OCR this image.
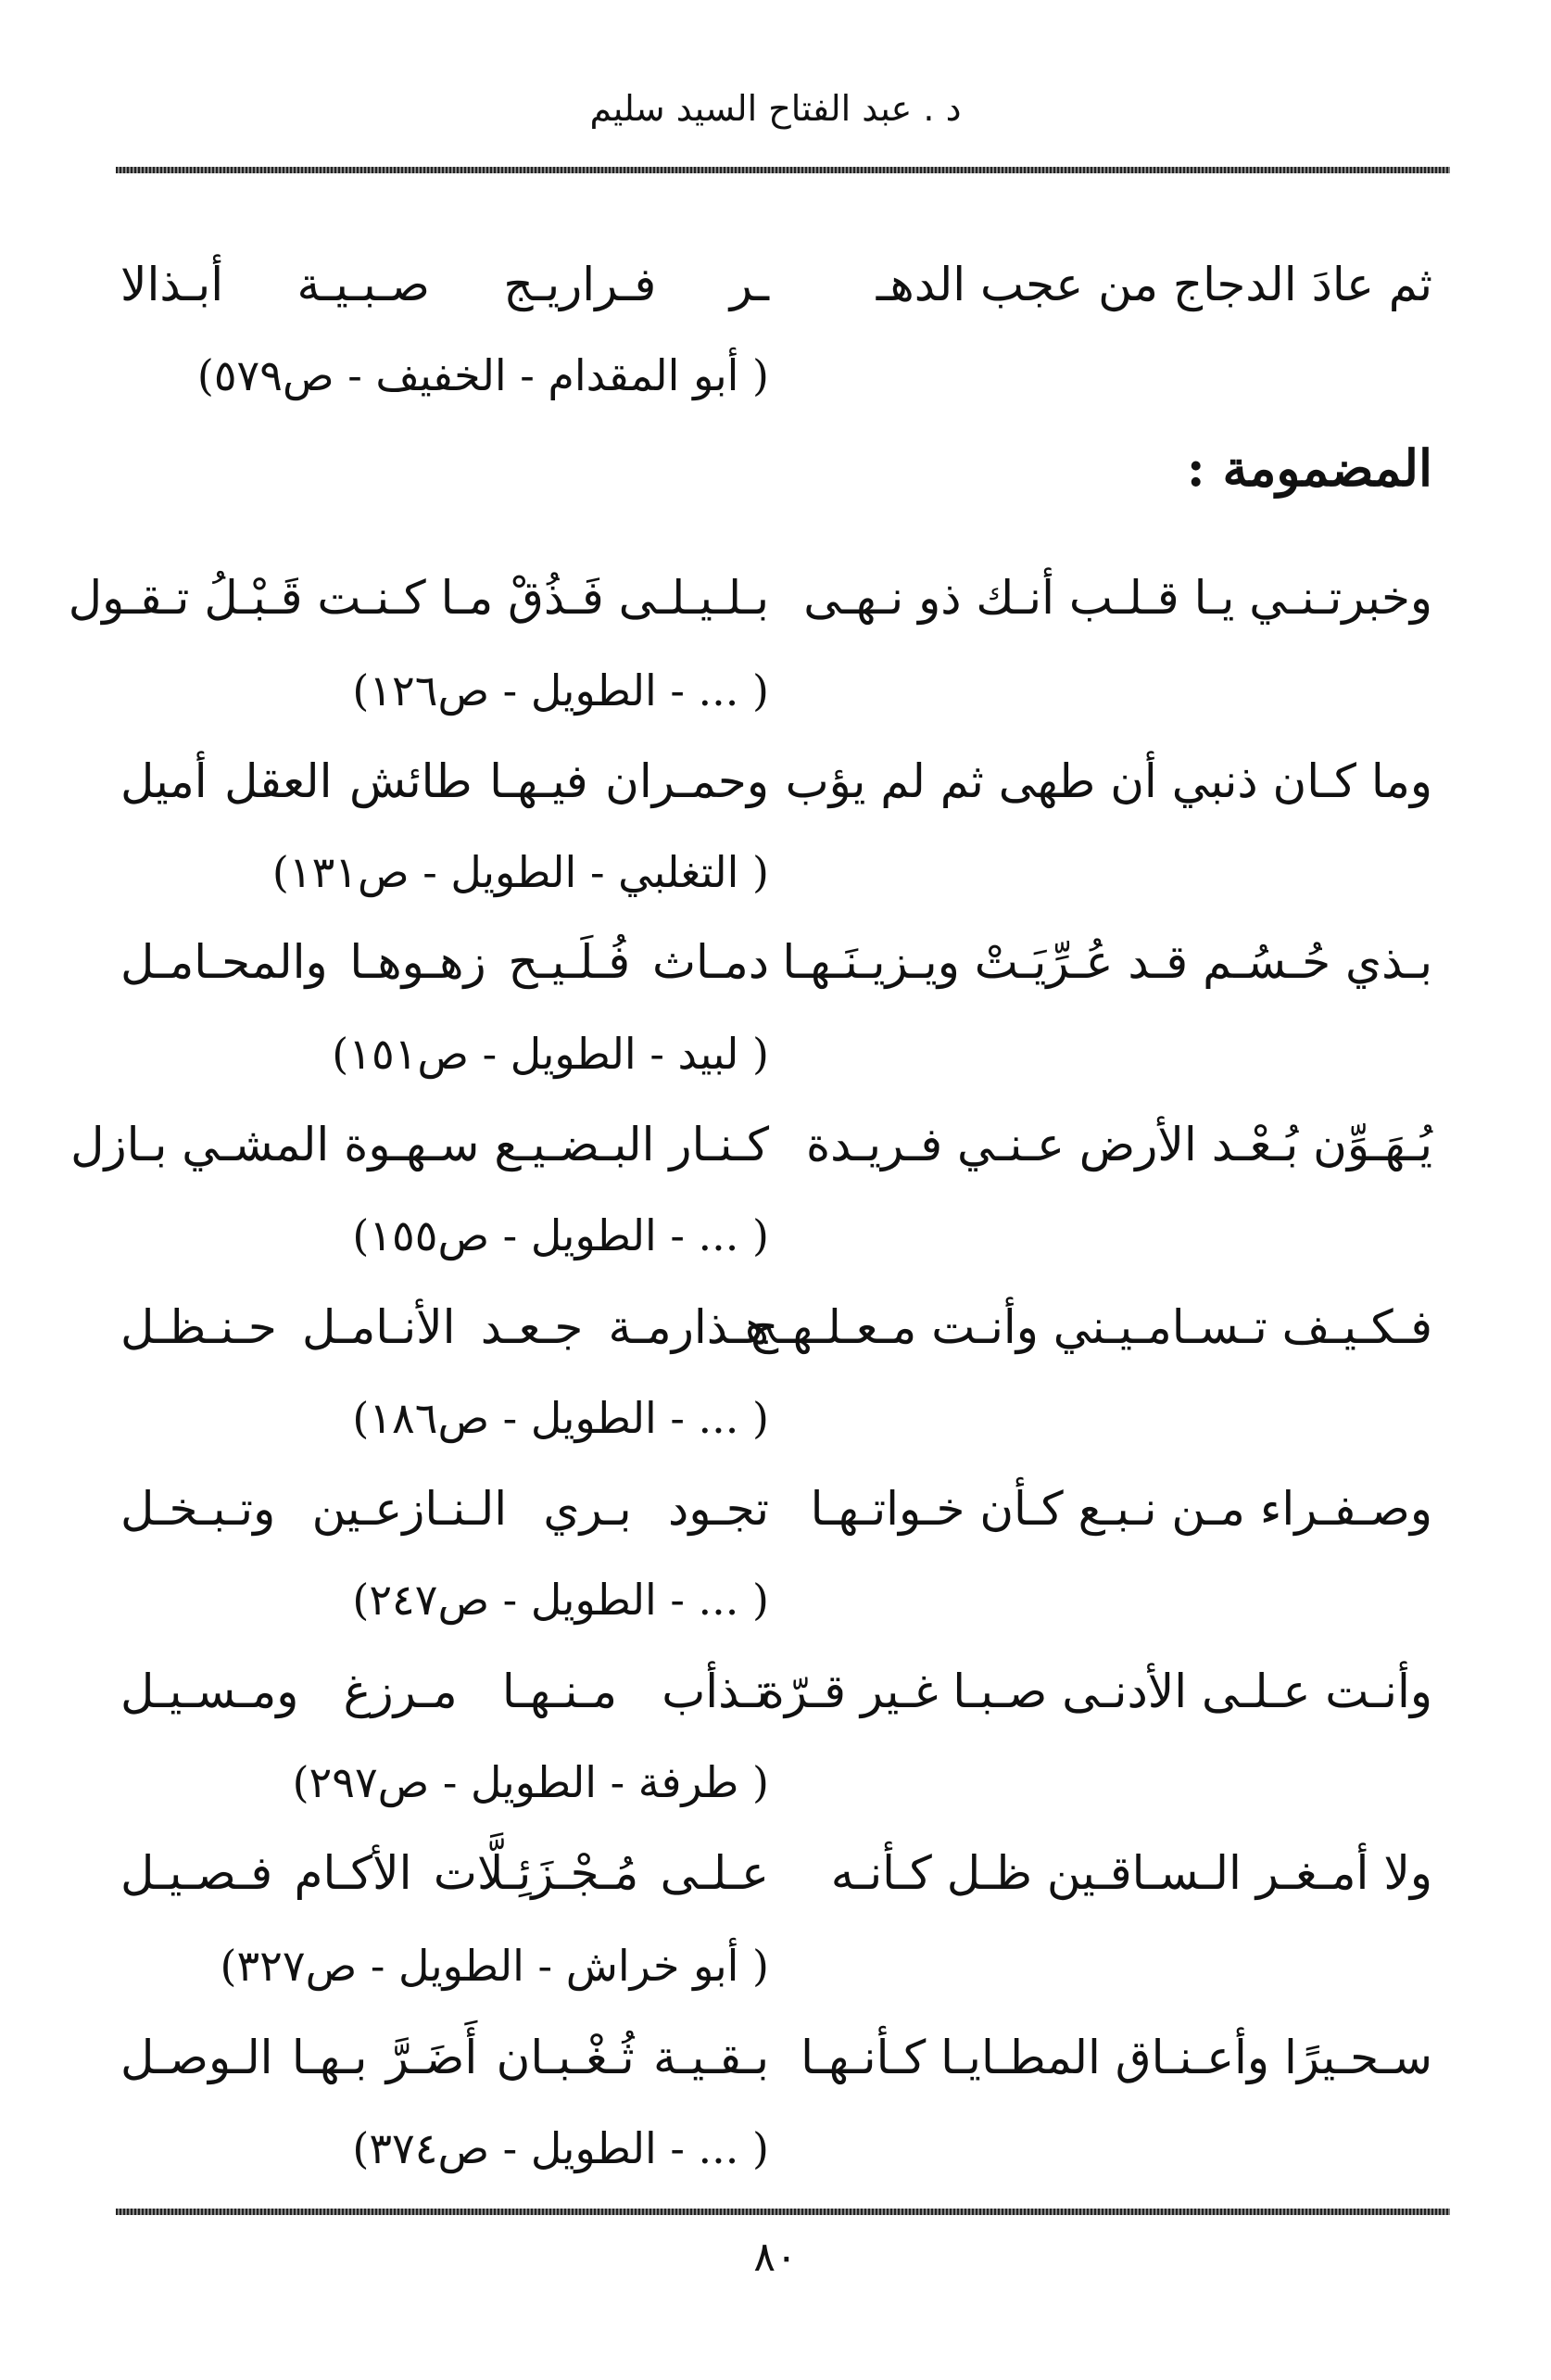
د . عبد الفتاح السيد سليم
ثم عادَ الدجاج من عجب الدهـ
ـر فـراريـج صـبـيـة أبـذالا
( أبو المقدام - الخفيف - ص٥٧٩)
المضمومة :
وخبرتـنـي يـا قـلـب أنـك ذو نـهـى
بـلـيـلـى فَـذُقْ مـا كـنـت قَـبْـلُ تـقـول
( ... - الطويل - ص١٢٦)
وما كـان ذنبي أن طهى ثم لم يؤب
وحمـران فيـهـا طائش العقل أميل
( التغلبي - الطويل - ص١٣١)
بـذي حُـسُـم قـد عُـرِّيَـتْ ويـزيـنَـهـا
دمـاث فُـلَـيـح زهـوهـا والمحـامـل
( لبيد - الطويل - ص١٥١)
يُـهَـوِّن بُـعْـد الأرض عـنـي فـريـدة
كـنـار البـضـيـع سـهـوة المشـي بـازل
( ... - الطويل - ص١٥٥)
فـكـيـف تـسـامـيـني وأنـت مـعـلـهـج
هـذارمـة جـعـد الأنـامـل حـنـظـل
( ... - الطويل - ص١٨٦)
وصـفـراء مـن نـبـع كـأن خـواتـهـا
تجـود بـري الـنـازعـين وتـبـخـل
( ... - الطويل - ص٢٤٧)
وأنـت عـلـى الأدنـى صـبـا غـير قـرّة
تـذأب مـنـهـا مـرزغ ومـسـيـل
( طرفة - الطويل - ص٢٩٧)
ولا أمـغـر الـسـاقـين ظـل كـأنـه
عـلـى مُـجْـزَئِـلَّات الأكـام فـصـيـل
( أبو خراش - الطويل - ص٣٢٧)
سـحـيرًا وأعـنـاق المطـايـا كـأنـهـا
بـقـيـة ثُـغْـبـان أَضَـرَّ بـهـا الـوصـل
( ... - الطويل - ص٣٧٤)
٨٠
